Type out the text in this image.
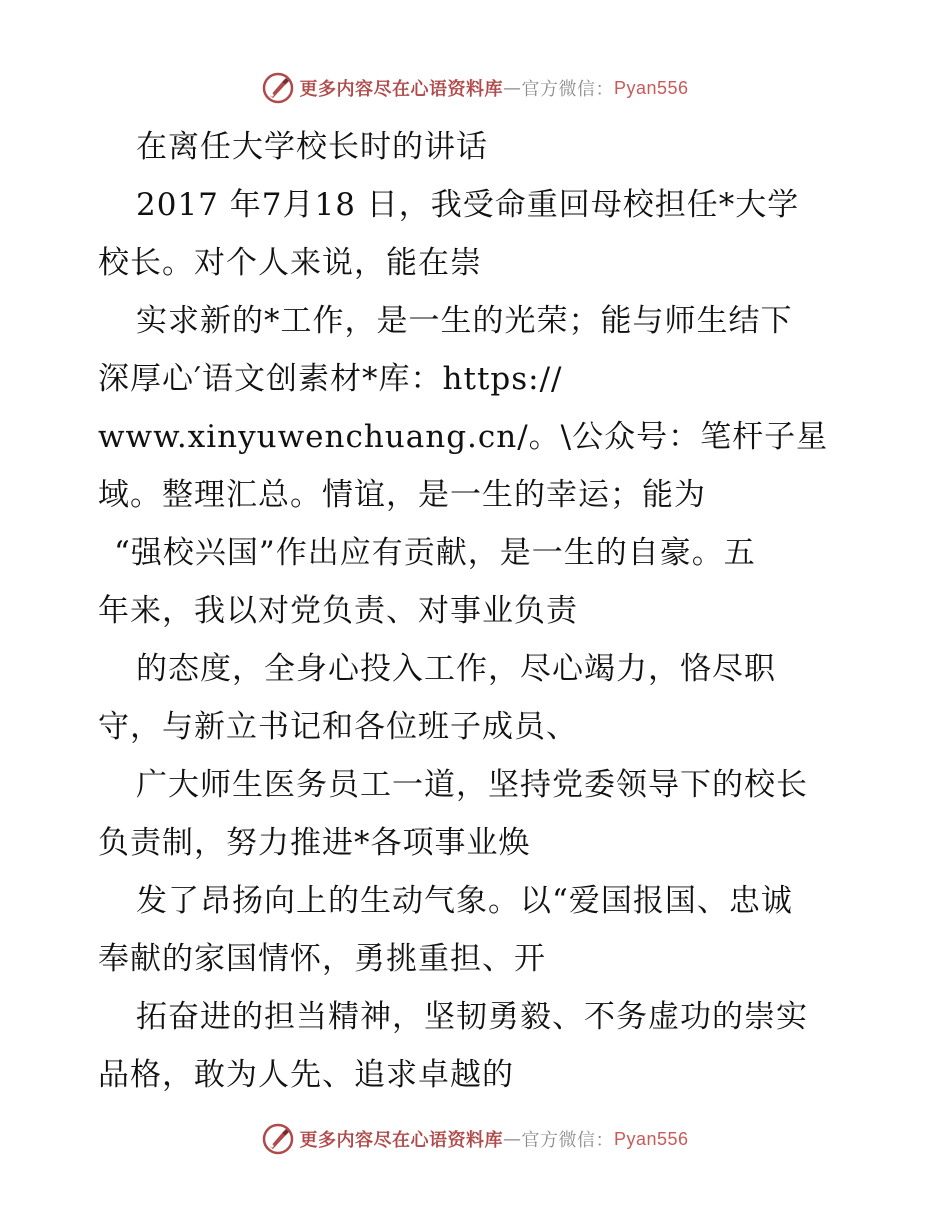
更多内容尽在心语资料库 — 官方微信： Pyan556
在离任大学校长时的讲话
2017 年7月18 日，我受命重回母校担任*大学
校长。对个人来说，能在崇
实求新的*工作，是一生的光荣；能与师生结下
深厚心′语文创素材*库：https://
www.xinyuwenchuang.cn/。\公众号：笔杆子星
域。整理汇总。情谊，是一生的幸运；能为
“强校兴国”作出应有贡献，是一生的自豪。五
年来，我以对党负责、对事业负责
的态度，全身心投入工作，尽心竭力，恪尽职
守，与新立书记和各位班子成员、
广大师生医务员工一道，坚持党委领导下的校长
负责制，努力推进*各项事业焕
发了昂扬向上的生动气象。以“爱国报国、忠诚
奉献的家国情怀，勇挑重担、开
拓奋进的担当精神，坚韧勇毅、不务虚功的崇实
品格，敢为人先、追求卓越的
更多内容尽在心语资料库 — 官方微信： Pyan556
